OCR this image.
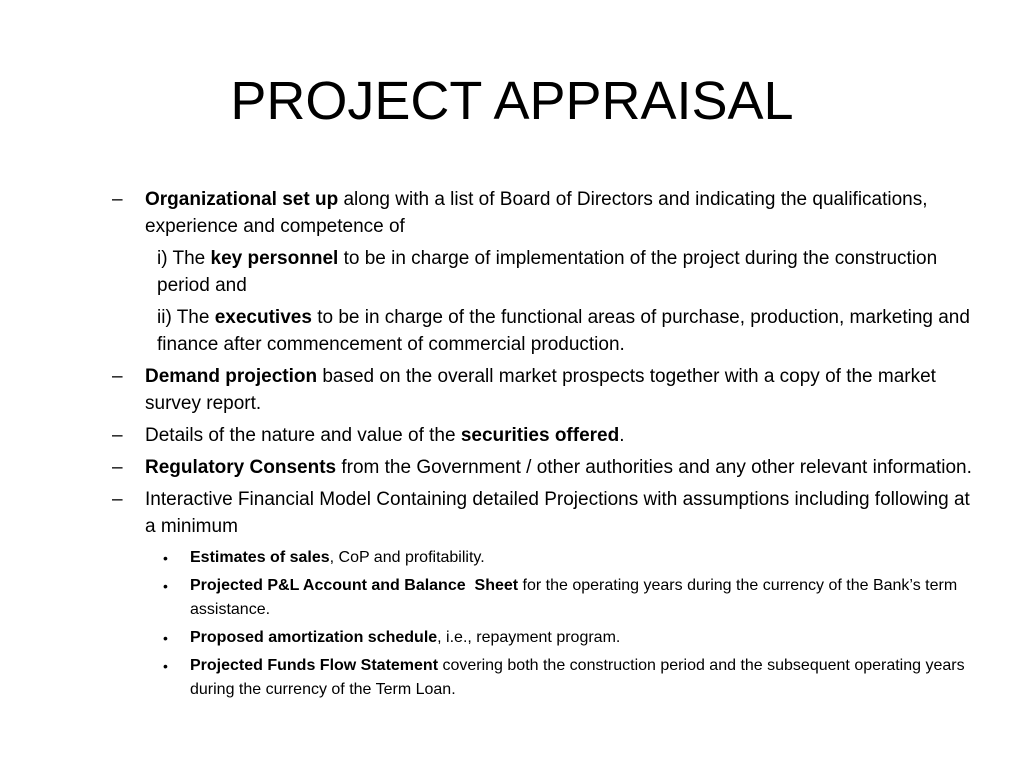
PROJECT APPRAISAL
–	Organizational set up along with a list of Board of Directors and indicating the qualifications, experience and competence of
i) The key personnel to be in charge of implementation of the project during the construction period and
ii) The executives to be in charge of the functional areas of purchase, production, marketing and finance after commencement of commercial production.
–	Demand projection based on the overall market prospects together with a copy of the market survey report.
–	Details of the nature and value of the securities offered.
–	Regulatory Consents from the Government / other authorities and any other relevant information.
–	Interactive Financial Model Containing detailed Projections with assumptions including following at a minimum
• Estimates of sales, CoP and profitability.
• Projected P&L Account and Balance  Sheet for the operating years during the currency of the Bank’s term assistance.
• Proposed amortization schedule, i.e., repayment program.
• Projected Funds Flow Statement covering both the construction period and the subsequent operating years during the currency of the Term Loan.
